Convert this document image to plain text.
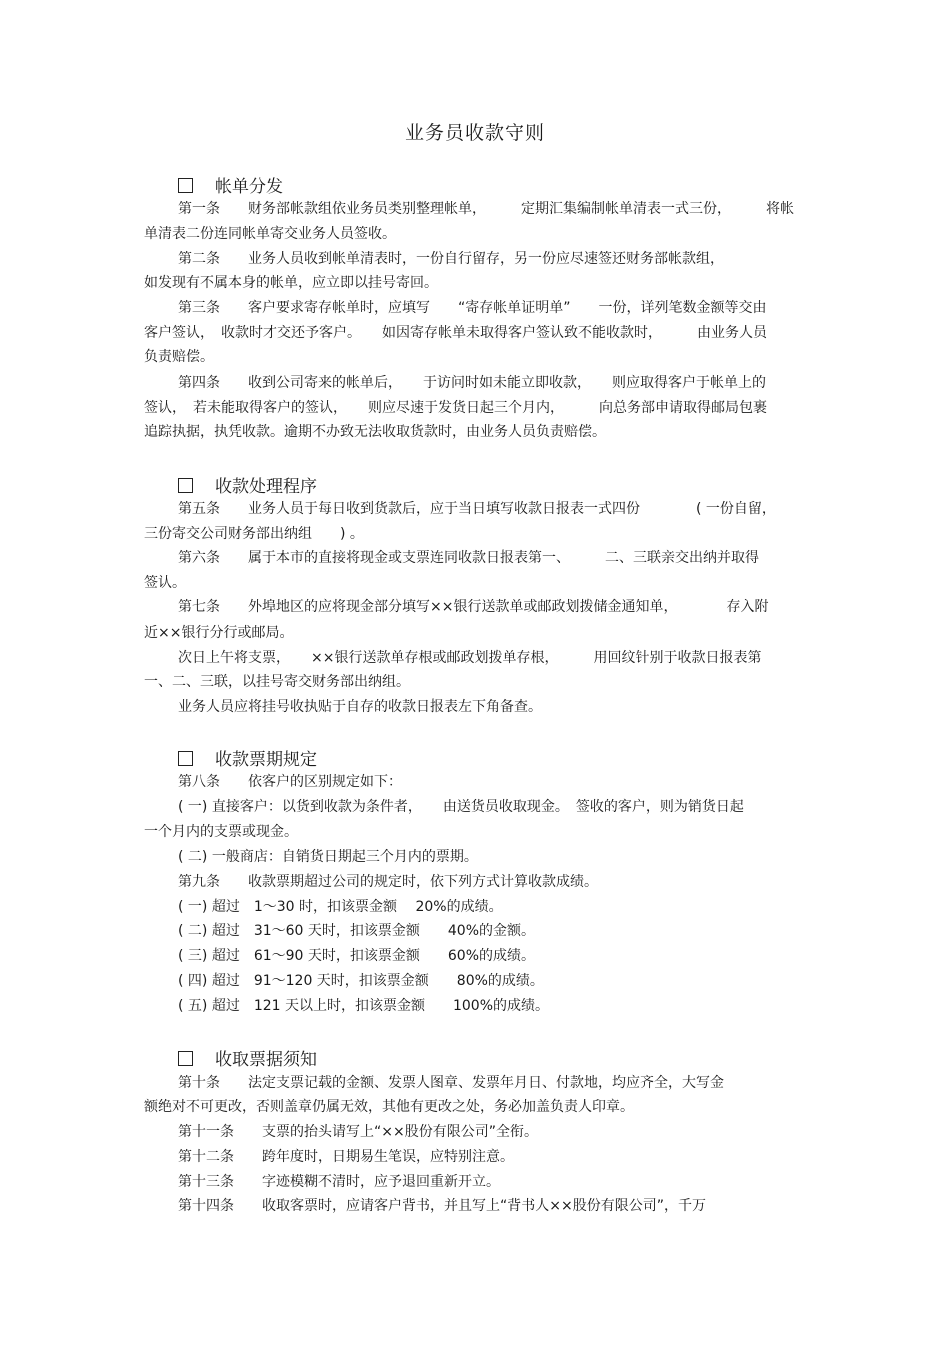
业务员收款守则
帐单分发
第一条　　财务部帐款组依业务员类别整理帐单，　　　定期汇集编制帐单清表一式三份，　　　将帐
单清表二份连同帐单寄交业务人员签收。
第二条　　业务人员收到帐单清表时，一份自行留存，另一份应尽速签还财务部帐款组，
如发现有不属本身的帐单，应立即以挂号寄回。
第三条　　客户要求寄存帐单时，应填写　　“寄存帐单证明单”　　一份，详列笔数金额等交由
客户签认，　收款时才交还予客户。　　如因寄存帐单未取得客户签认致不能收款时，　　　由业务人员
负责赔偿。
第四条　　收到公司寄来的帐单后，　　于访问时如未能立即收款，　　则应取得客户于帐单上的
签认，　若未能取得客户的签认，　　则应尽速于发货日起三个月内，　　　向总务部申请取得邮局包裹
追踪执据，执凭收款。逾期不办致无法收取货款时，由业务人员负责赔偿。
收款处理程序
第五条　　业务人员于每日收到货款后，应于当日填写收款日报表一式四份　　　　( 一份自留，
三份寄交公司财务部出纳组　　) 。
第六条　　属于本市的直接将现金或支票连同收款日报表第一、　　　二、三联亲交出纳并取得
签认。
第七条　　外埠地区的应将现金部分填写××银行送款单或邮政划拨储金通知单，　　　　存入附
近××银行分行或邮局。
次日上午将支票，　　××银行送款单存根或邮政划拨单存根，　　　用回纹针别于收款日报表第
一、二、三联，以挂号寄交财务部出纳组。
业务人员应将挂号收执贴于自存的收款日报表左下角备查。
收款票期规定
第八条　　依客户的区别规定如下：
( 一) 直接客户：以货到收款为条件者，　　由送货员收取现金。　签收的客户，则为销货日起
一个月内的支票或现金。
( 二) 一般商店：自销货日期起三个月内的票期。
第九条　　收款票期超过公司的规定时，依下列方式计算收款成绩。
( 一) 超过　1～30 时，扣该票金额　 20%的成绩。
( 二) 超过　31～60 天时，扣该票金额　　40%的金额。
( 三) 超过　61～90 天时，扣该票金额　　60%的成绩。
( 四) 超过　91～120 天时，扣该票金额　　80%的成绩。
( 五) 超过　121 天以上时，扣该票金额　　100%的成绩。
收取票据须知
第十条　　法定支票记载的金额、发票人图章、发票年月日、付款地，均应齐全，大写金
额绝对不可更改，否则盖章仍属无效，其他有更改之处，务必加盖负责人印章。
第十一条　　支票的抬头请写上“××股份有限公司”全衔。
第十二条　　跨年度时，日期易生笔误，应特别注意。
第十三条　　字迹模糊不清时，应予退回重新开立。
第十四条　　收取客票时，应请客户背书，并且写上“背书人××股份有限公司”，千万
